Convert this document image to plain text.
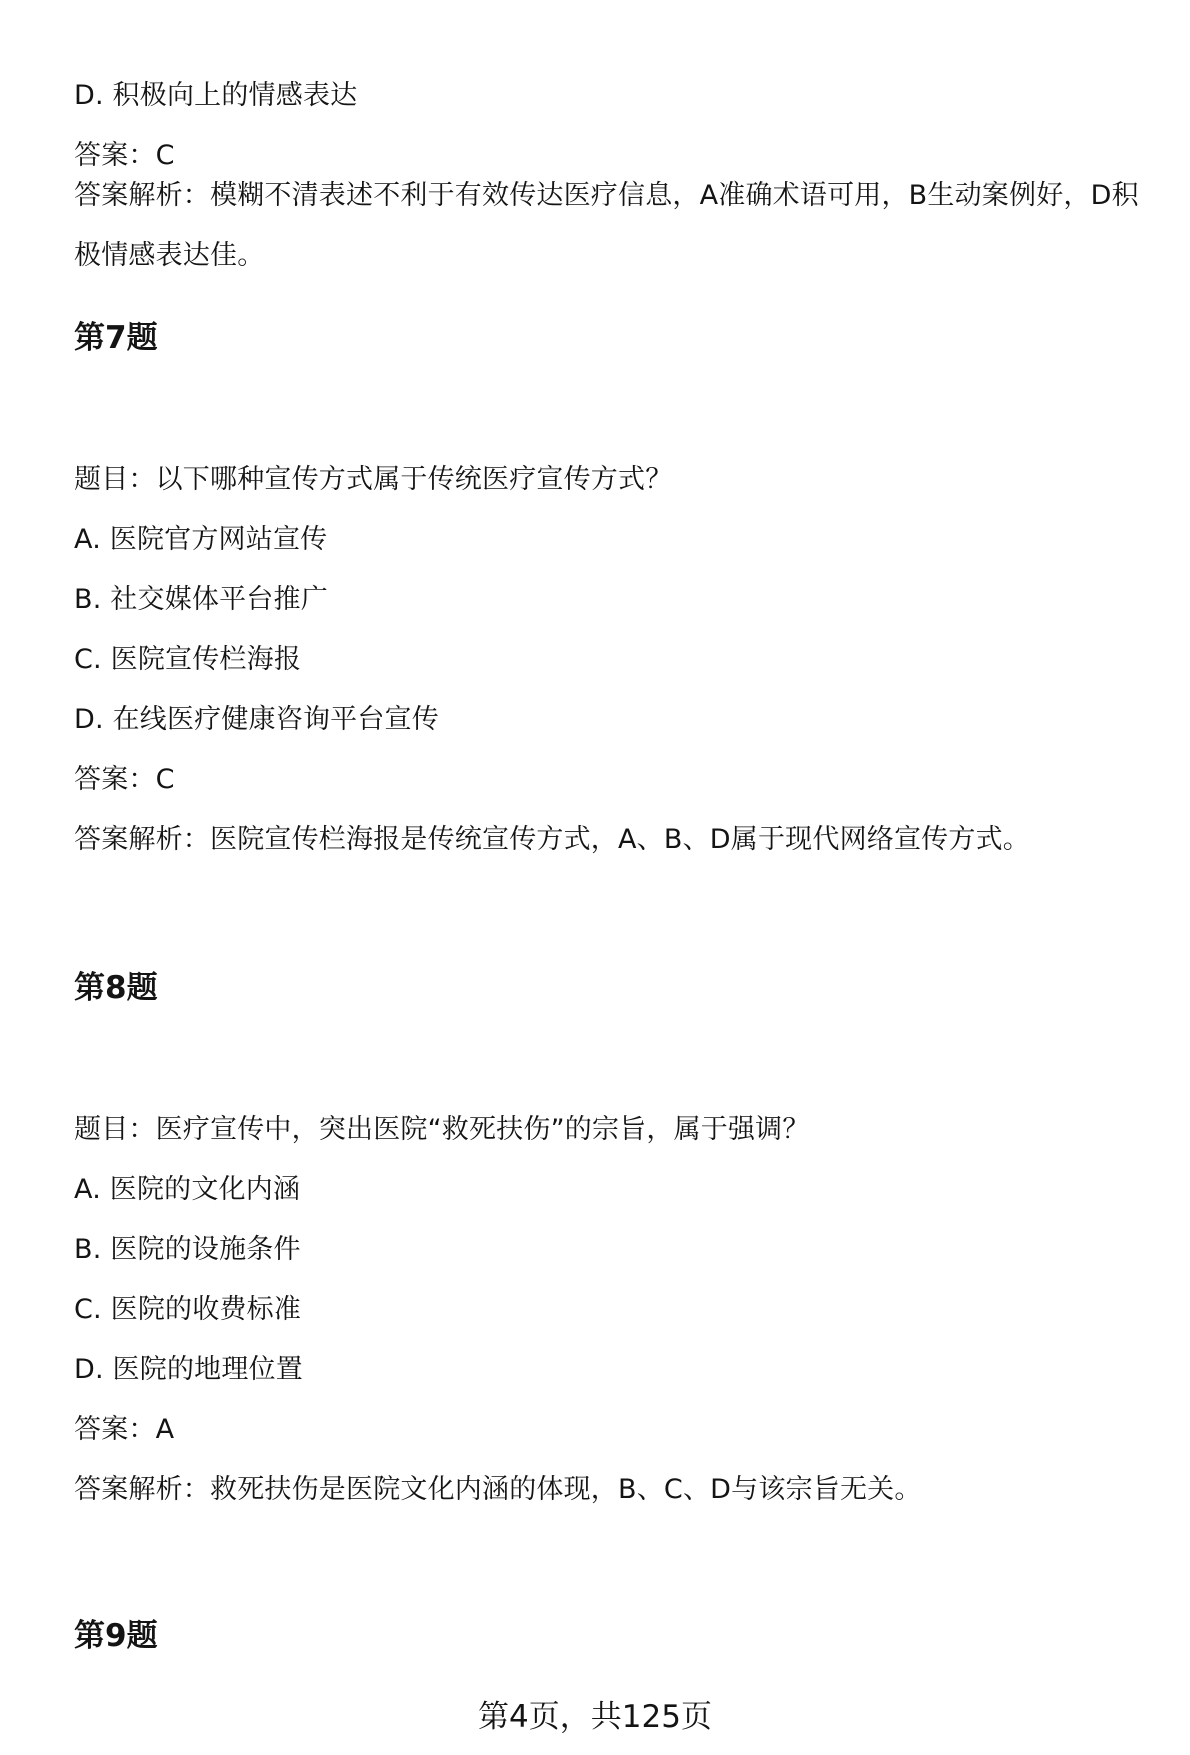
D. 积极向上的情感表达
答案：C
答案解析：模糊不清表述不利于有效传达医疗信息，A准确术语可用，B生动案例好，D积极情感表达佳。
第7题
题目：以下哪种宣传方式属于传统医疗宣传方式？
A. 医院官方网站宣传
B. 社交媒体平台推广
C. 医院宣传栏海报
D. 在线医疗健康咨询平台宣传
答案：C
答案解析：医院宣传栏海报是传统宣传方式，A、B、D属于现代网络宣传方式。
第8题
题目：医疗宣传中，突出医院“救死扶伤”的宗旨，属于强调？
A. 医院的文化内涵
B. 医院的设施条件
C. 医院的收费标准
D. 医院的地理位置
答案：A
答案解析：救死扶伤是医院文化内涵的体现，B、C、D与该宗旨无关。
第9题
第4页，共125页
